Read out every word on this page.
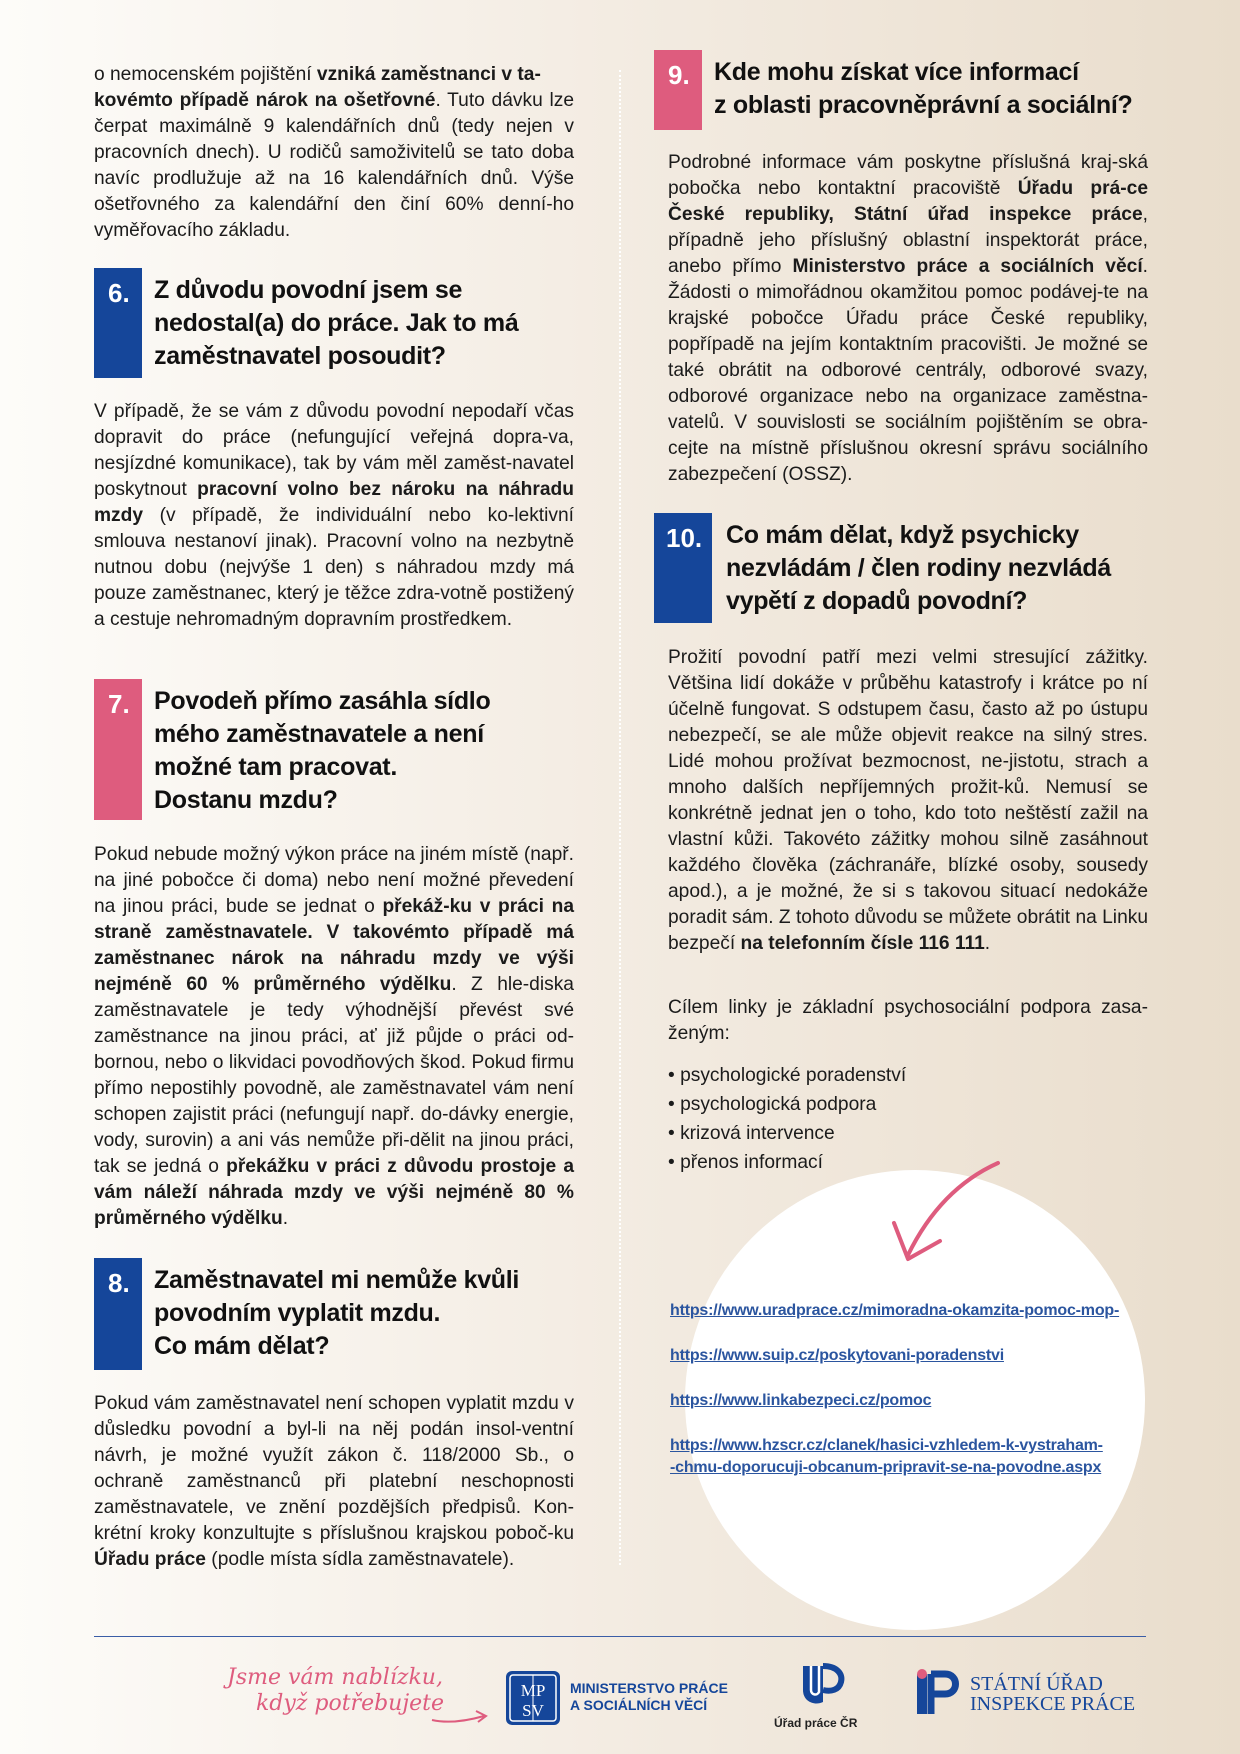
o nemocenském pojištění vzniká zaměstnanci v ta-
kovémto případě nárok na ošetřovné. Tuto dávku lze čerpat maximálně 9 kalendářních dnů (tedy nejen v pracovních dnech). U rodičů samoživitelů se tato doba navíc prodlužuje až na 16 kalendářních dnů. Výše ošetřovného za kalendářní den činí 60% denní-ho vyměřovacího základu.

6. Z důvodu povodní jsem se
nedostal(a) do práce. Jak to má
zaměstnavatel posoudit?

V případě, že se vám z důvodu povodní nepodaří včas dopravit do práce (nefungující veřejná dopra-va, nesjízdné komunikace), tak by vám měl zaměst-navatel poskytnout pracovní volno bez nároku na náhradu mzdy (v případě, že individuální nebo ko-lektivní smlouva nestanoví jinak). Pracovní volno na nezbytně nutnou dobu (nejvýše 1 den) s náhradou mzdy má pouze zaměstnanec, který je těžce zdra-votně postižený a cestuje nehromadným dopravním prostředkem.

7. Povodeň přímo zasáhla sídlo
mého zaměstnavatele a není
možné tam pracovat.
Dostanu mzdu?

Pokud nebude možný výkon práce na jiném místě (např. na jiné pobočce či doma) nebo není možné převedení na jinou práci, bude se jednat o překáž-ku v práci na straně zaměstnavatele. V takovémto případě má zaměstnanec nárok na náhradu mzdy ve výši nejméně 60 % průměrného výdělku. Z hle-diska zaměstnavatele je tedy výhodnější převést své zaměstnance na jinou práci, ať již půjde o práci od-bornou, nebo o likvidaci povodňových škod. Pokud firmu přímo nepostihly povodně, ale zaměstnavatel vám není schopen zajistit práci (nefungují např. do-dávky energie, vody, surovin) a ani vás nemůže při-dělit na jinou práci, tak se jedná o překážku v práci z důvodu prostoje a vám náleží náhrada mzdy ve výši nejméně 80 % průměrného výdělku.

8. Zaměstnavatel mi nemůže kvůli
povodním vyplatit mzdu.
Co mám dělat?

Pokud vám zaměstnavatel není schopen vyplatit mzdu v důsledku povodní a byl-li na něj podán insol-ventní návrh, je možné využít zákon č. 118/2000 Sb., o ochraně zaměstnanců při platební neschopnosti zaměstnavatele, ve znění pozdějších předpisů. Kon-krétní kroky konzultujte s příslušnou krajskou poboč-ku Úřadu práce (podle místa sídla zaměstnavatele).

9. Kde mohu získat více informací
z oblasti pracovněprávní a sociální?

Podrobné informace vám poskytne příslušná kraj-ská pobočka nebo kontaktní pracoviště Úřadu prá-ce České republiky, Státní úřad inspekce práce, případně jeho příslušný oblastní inspektorát práce, anebo přímo Ministerstvo práce a sociálních věcí. Žádosti o mimořádnou okamžitou pomoc podávej-te na krajské pobočce Úřadu práce České republiky, popřípadě na jejím kontaktním pracovišti. Je možné se také obrátit na odborové centrály, odborové svazy, odborové organizace nebo na organizace zaměstna-vatelů. V souvislosti se sociálním pojištěním se obra-cejte na místně příslušnou okresní správu sociálního zabezpečení (OSSZ).

10. Co mám dělat, když psychicky
nezvládám / člen rodiny nezvládá
vypětí z dopadů povodní?

Prožití povodní patří mezi velmi stresující zážitky. Většina lidí dokáže v průběhu katastrofy i krátce po ní účelně fungovat. S odstupem času, často až po ústupu nebezpečí, se ale může objevit reakce na silný stres. Lidé mohou prožívat bezmocnost, ne-jistotu, strach a mnoho dalších nepříjemných prožit-ků. Nemusí se konkrétně jednat jen o toho, kdo toto neštěstí zažil na vlastní kůži. Takovéto zážitky mohou silně zasáhnout každého člověka (záchranáře, blízké osoby, sousedy apod.), a je možné, že si s takovou situací nedokáže poradit sám. Z tohoto důvodu se můžete obrátit na Linku bezpečí na telefonním čísle 116 111.

Cílem linky je základní psychosociální podpora zasa-ženým:

• psychologické poradenství
• psychologická podpora
• krizová intervence
• přenos informací
https://www.uradprace.cz/mimoradna-okamzita-pomoc-mop-
https://www.suip.cz/poskytovani-poradenstvi
https://www.linkabezpeci.cz/pomoc
https://www.hzscr.cz/clanek/hasici-vzhledem-k-vystraham-
-chmu-doporucuji-obcanum-pripravit-se-na-povodne.aspx
Jsme vám nablízku,
když potřebujete
MP
SV
MINISTERSTVO PRÁCE
A SOCIÁLNÍCH VĚCÍ
Úřad práce ČR
STÁTNÍ ÚŘAD
INSPEKCE PRÁCE
